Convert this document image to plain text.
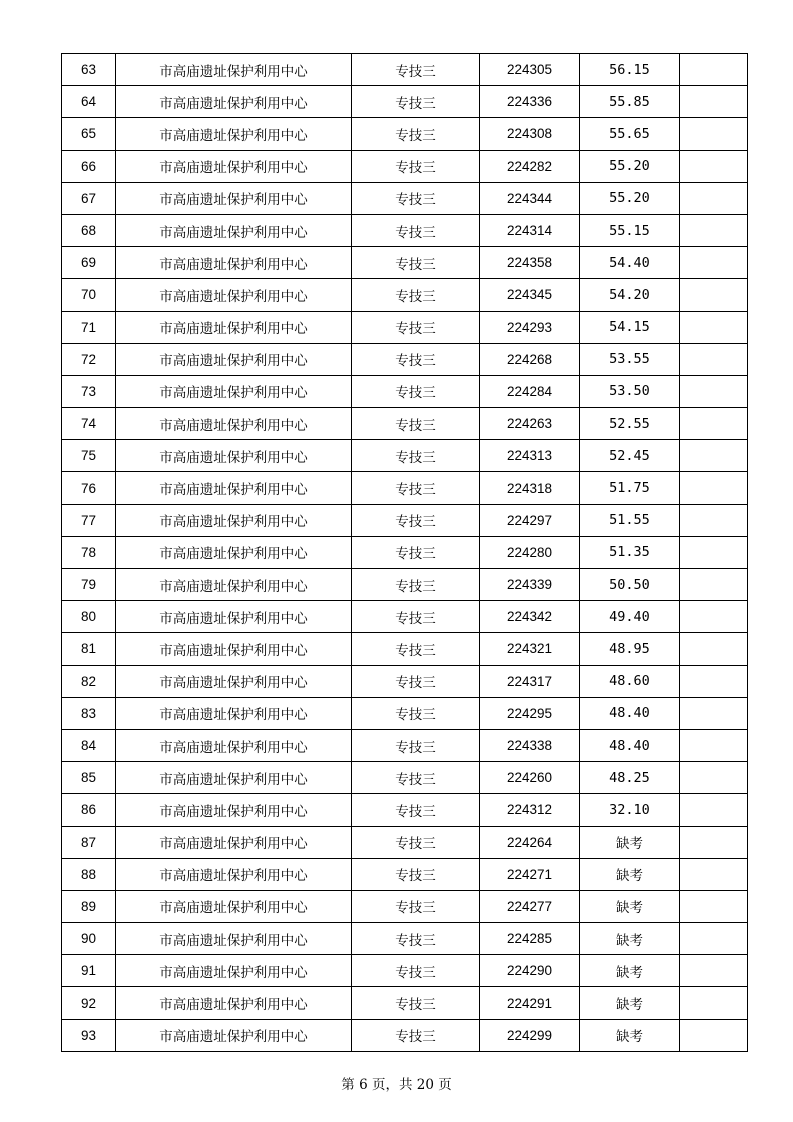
63	市高庙遗址保护利用中心	专技三	224305	56.15	
64	市高庙遗址保护利用中心	专技三	224336	55.85	
65	市高庙遗址保护利用中心	专技三	224308	55.65	
66	市高庙遗址保护利用中心	专技三	224282	55.20	
67	市高庙遗址保护利用中心	专技三	224344	55.20	
68	市高庙遗址保护利用中心	专技三	224314	55.15	
69	市高庙遗址保护利用中心	专技三	224358	54.40	
70	市高庙遗址保护利用中心	专技三	224345	54.20	
71	市高庙遗址保护利用中心	专技三	224293	54.15	
72	市高庙遗址保护利用中心	专技三	224268	53.55	
73	市高庙遗址保护利用中心	专技三	224284	53.50	
74	市高庙遗址保护利用中心	专技三	224263	52.55	
75	市高庙遗址保护利用中心	专技三	224313	52.45	
76	市高庙遗址保护利用中心	专技三	224318	51.75	
77	市高庙遗址保护利用中心	专技三	224297	51.55	
78	市高庙遗址保护利用中心	专技三	224280	51.35	
79	市高庙遗址保护利用中心	专技三	224339	50.50	
80	市高庙遗址保护利用中心	专技三	224342	49.40	
81	市高庙遗址保护利用中心	专技三	224321	48.95	
82	市高庙遗址保护利用中心	专技三	224317	48.60	
83	市高庙遗址保护利用中心	专技三	224295	48.40	
84	市高庙遗址保护利用中心	专技三	224338	48.40	
85	市高庙遗址保护利用中心	专技三	224260	48.25	
86	市高庙遗址保护利用中心	专技三	224312	32.10	
87	市高庙遗址保护利用中心	专技三	224264	缺考	
88	市高庙遗址保护利用中心	专技三	224271	缺考	
89	市高庙遗址保护利用中心	专技三	224277	缺考	
90	市高庙遗址保护利用中心	专技三	224285	缺考	
91	市高庙遗址保护利用中心	专技三	224290	缺考	
92	市高庙遗址保护利用中心	专技三	224291	缺考	
93	市高庙遗址保护利用中心	专技三	224299	缺考	
第 6 页，共 20 页
